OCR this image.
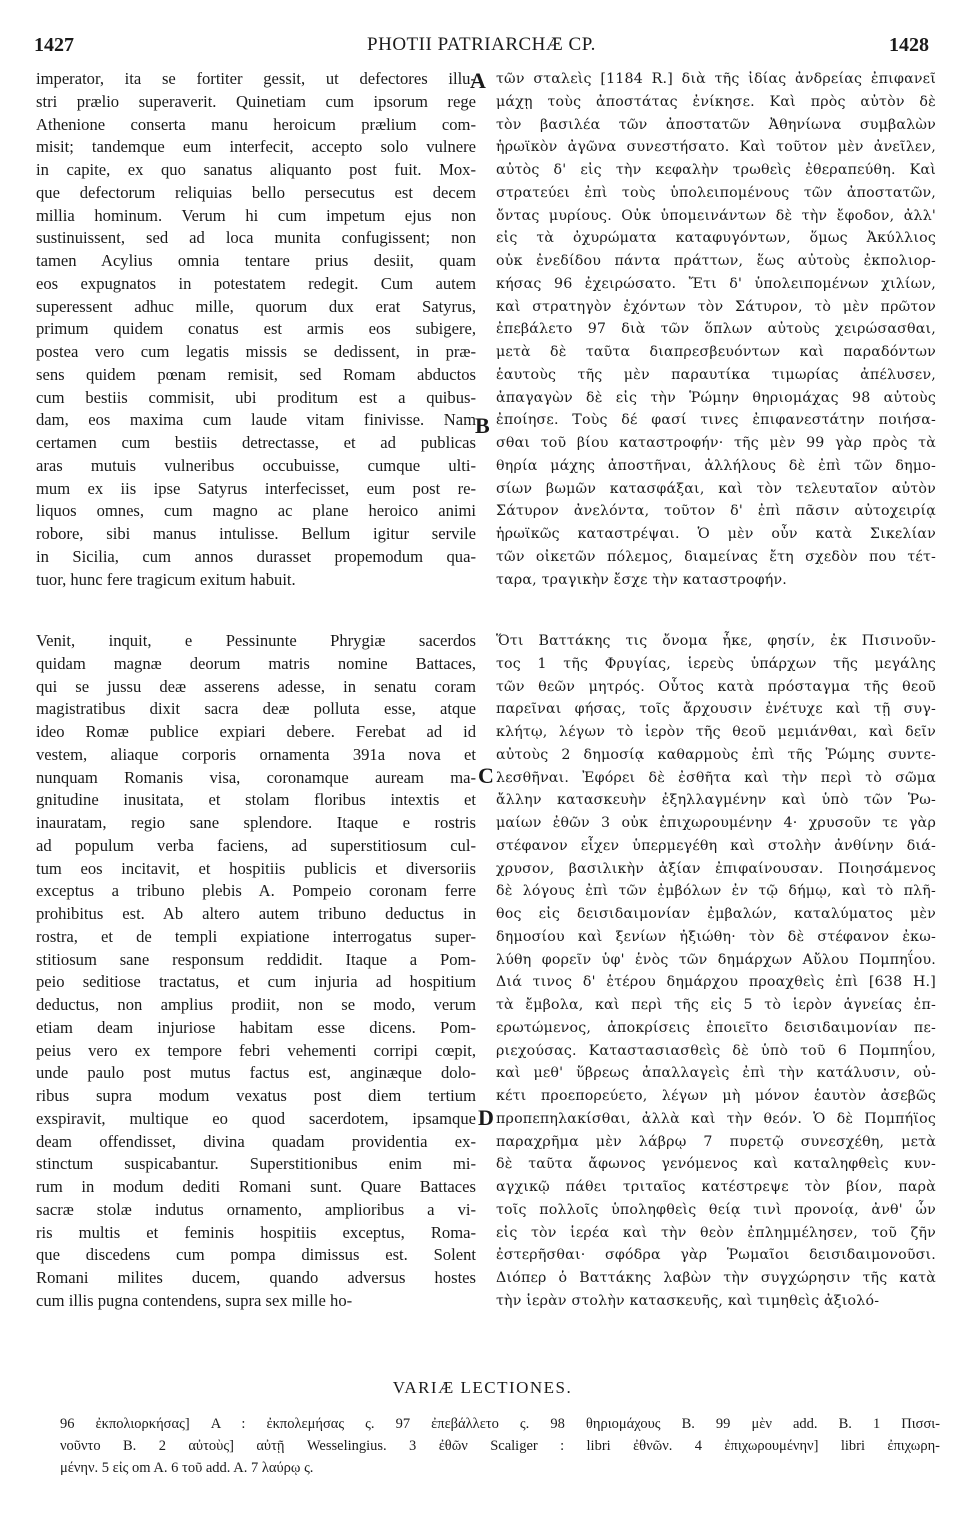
1427	PHOTII PATRIARCHÆ CP.	1428
imperator, ita se fortiter gessit, ut defectores illu-
stri prælio superaverit. Quinetiam cum ipsorum rege
Athenione conserta manu heroicum prælium com-
misit; tandemque eum interfecit, accepto solo vulnere
in capite, ex quo sanatus aliquanto post fuit. Mox-
que defectorum reliquias bello persecutus est decem
millia hominum. Verum hi cum impetum ejus non
sustinuissent, sed ad loca munita confugissent; non
tamen Acylius omnia tentare prius desiit, quam
eos expugnatos in potestatem redegit. Cum autem
superessent adhuc mille, quorum dux erat Satyrus,
primum quidem conatus est armis eos subigere,
postea vero cum legatis missis se dedissent, in præ-
sens quidem pœnam remisit, sed Romam abductos
cum bestiis commisit, ubi proditum est a quibus-
dam, eos maxima cum laude vitam finivisse. Nam
certamen cum bestiis detrectasse, et ad publicas
aras mutuis vulneribus occubuisse, cumque ulti-
mum ex iis ipse Satyrus interfecisset, eum post re-
liquos omnes, cum magno ac plane heroico animi
robore, sibi manus intulisse. Bellum igitur servile
in Sicilia, cum annos durasset propemodum qua-
tuor, hunc fere tragicum exitum habuit.
τῶν σταλεὶς [1184 R.] διὰ τῆς ἰδίας ἀνδρείας ἐπιφανεῖ
μάχῃ τοὺς ἀποστάτας ἐνίκησε. Καὶ πρὸς αὐτὸν δὲ
τὸν βασιλέα τῶν ἀποστατῶν Ἀθηνίωνα συμβαλὼν
ἡρωϊκὸν ἀγῶνα συνεστήσατο. Καὶ τοῦτον μὲν ἀνεῖλεν,
αὐτὸς δ' εἰς τὴν κεφαλὴν τρωθεὶς ἐθεραπεύθη. Καὶ
στρατεύει ἐπὶ τοὺς ὑπολειπομένους τῶν ἀποστατῶν,
ὄντας μυρίους. Οὐκ ὑπομεινάντων δὲ τὴν ἔφοδον, ἀλλ'
εἰς τὰ ὀχυρώματα καταφυγόντων, ὅμως Ἀκύλλιος
οὐκ ἐνεδίδου πάντα πράττων, ἕως αὐτοὺς ἐκπολιορ-
κήσας 96 ἐχειρώσατο. Ἔτι δ' ὑπολειπομένων χιλίων,
καὶ στρατηγὸν ἐχόντων τὸν Σάτυρον, τὸ μὲν πρῶτον
ἐπεβάλετο 97 διὰ τῶν ὅπλων αὐτοὺς χειρώσασθαι,
μετὰ δὲ ταῦτα διαπρεσβευόντων καὶ παραδόντων
ἑαυτοὺς τῆς μὲν παραυτίκα τιμωρίας ἀπέλυσεν,
ἀπαγαγὼν δὲ εἰς τὴν Ῥώμην θηριομάχας 98 αὐτοὺς
ἐποίησε. Τοὺς δέ φασί τινες ἐπιφανεστάτην ποιήσα-
σθαι τοῦ βίου καταστροφήν· τῆς μὲν 99 γὰρ πρὸς τὰ
θηρία μάχης ἀποστῆναι, ἀλλήλους δὲ ἐπὶ τῶν δημο-
σίων βωμῶν κατασφάξαι, καὶ τὸν τελευταῖον αὐτὸν
Σάτυρον ἀνελόντα, τοῦτον δ' ἐπὶ πᾶσιν αὐτοχειρίᾳ
ἡρωϊκῶς καταστρέψαι. Ὁ μὲν οὖν κατὰ Σικελίαν
τῶν οἰκετῶν πόλεμος, διαμείνας ἔτη σχεδὸν που τέτ-
ταρα, τραγικὴν ἔσχε τὴν καταστροφήν.
Venit, inquit, e Pessinunte Phrygiæ sacerdos
quidam magnæ deorum matris nomine Battaces,
qui se jussu deæ asserens adesse, in senatu coram
magistratibus dixit sacra deæ polluta esse, atque
ideo Romæ publice expiari debere. Ferebat ad id
vestem, aliaque corporis ornamenta 391a nova et
nunquam Romanis visa, coronamque auream ma-
gnitudine inusitata, et stolam floribus intextis et
inauratam, regio sane splendore. Itaque e rostris
ad populum verba faciens, ad superstitiosum cul-
tum eos incitavit, et hospitiis publicis et diversoriis
exceptus a tribuno plebis A. Pompeio coronam ferre
prohibitus est. Ab altero autem tribuno deductus in
rostra, et de templi expiatione interrogatus super-
stitiosum sane responsum reddidit. Itaque a Pom-
peio seditiose tractatus, et cum injuria ad hospitium
deductus, non amplius prodiit, non se modo, verum
etiam deam injuriose habitam esse dicens. Pom-
peius vero ex tempore febri vehementi corripi cœpit,
unde paulo post mutus factus est, anginæque dolo-
ribus supra modum vexatus post diem tertium
exspiravit, multique eo quod sacerdotem, ipsamque
deam offendisset, divina quadam providentia ex-
stinctum suspicabantur. Superstitionibus enim mi-
rum in modum dediti Romani sunt. Quare Battaces
sacræ stolæ indutus ornamento, amplioribus a vi-
ris multis et feminis hospitiis exceptus, Roma-
que discedens cum pompa dimissus est. Solent
Romani milites ducem, quando adversus hostes
cum illis pugna contendens, supra sex mille ho-
Ὅτι Βαττάκης τις ὄνομα ἧκε, φησίν, ἐκ Πισινοῦν-
τος 1 τῆς Φρυγίας, ἱερεὺς ὑπάρχων τῆς μεγάλης
τῶν θεῶν μητρός. Οὗτος κατὰ πρόσταγμα τῆς θεοῦ
παρεῖναι φήσας, τοῖς ἄρχουσιν ἐνέτυχε καὶ τῇ συγ-
κλήτῳ, λέγων τὸ ἱερὸν τῆς θεοῦ μεμιάνθαι, καὶ δεῖν
αὐτοὺς 2 δημοσίᾳ καθαρμοὺς ἐπὶ τῆς Ῥώμης συντε-
λεσθῆναι. Ἐφόρει δὲ ἐσθῆτα καὶ τὴν περὶ τὸ σῶμα
ἄλλην κατασκευὴν ἐξηλλαγμένην καὶ ὑπὸ τῶν Ῥω-
μαίων ἐθῶν 3 οὐκ ἐπιχωρουμένην 4· χρυσοῦν τε γὰρ
στέφανον εἶχεν ὑπερμεγέθη καὶ στολὴν ἀνθίνην διά-
χρυσον, βασιλικὴν ἀξίαν ἐπιφαίνουσαν. Ποιησάμενος
δὲ λόγους ἐπὶ τῶν ἐμβόλων ἐν τῷ δήμῳ, καὶ τὸ πλῆ-
θος εἰς δεισιδαιμονίαν ἐμβαλών, καταλύματος μὲν
δημοσίου καὶ ξενίων ἠξιώθη· τὸν δὲ στέφανον ἐκω-
λύθη φορεῖν ὑφ' ἑνὸς τῶν δημάρχων Αὔλου Πομπηΐου.
Διά τινος δ' ἑτέρου δημάρχου προαχθεὶς ἐπὶ [638 H.]
τὰ ἔμβολα, καὶ περὶ τῆς εἰς 5 τὸ ἱερὸν ἁγνείας ἐπ-
ερωτώμενος, ἀποκρίσεις ἐποιεῖτο δεισιδαιμονίαν πε-
ριεχούσας. Καταστασιασθεὶς δὲ ὑπὸ τοῦ 6 Πομπηΐου,
καὶ μεθ' ὕβρεως ἀπαλλαγεὶς ἐπὶ τὴν κατάλυσιν, οὐ-
κέτι προεπορεύετο, λέγων μὴ μόνον ἑαυτὸν ἀσεβῶς
προπεπηλακίσθαι, ἀλλὰ καὶ τὴν θεόν. Ὁ δὲ Πομπήϊος
παραχρῆμα μὲν λάβρῳ 7 πυρετῷ συνεσχέθη, μετὰ
δὲ ταῦτα ἄφωνος γενόμενος καὶ καταληφθεὶς κυν-
αγχικῷ πάθει τριταῖος κατέστρεψε τὸν βίον, παρὰ
τοῖς πολλοῖς ὑποληφθεὶς θείᾳ τινὶ προνοίᾳ, ἀνθ' ὧν
εἰς τὸν ἱερέα καὶ τὴν θεὸν ἐπλημμέλησεν, τοῦ ζῆν
ἐστερῆσθαι· σφόδρα γὰρ Ῥωμαῖοι δεισιδαιμονοῦσι.
Διόπερ ὁ Βαττάκης λαβὼν τὴν συγχώρησιν τῆς κατὰ
τὴν ἱερὰν στολὴν κατασκευῆς, καὶ τιμηθεὶς ἀξιολό-
A
B
C
D
VARIÆ LECTIONES.
96 ἐκπολιορκήσας] A : ἐκπολεμήσας ς. 97 ἐπεβάλλετο ς. 98 θηριομάχους B. 99 μὲν add. B. 1 Πισσι-
νοῦντο B. 2 αὐτοὺς] αὐτῇ Wesselingius. 3 ἐθῶν Scaliger : libri ἐθνῶν. 4 ἐπιχωρουμένην] libri ἐπιχωρη-
μένην. 5 εἰς om A. 6 τοῦ add. A. 7 λαύρῳ ς.
